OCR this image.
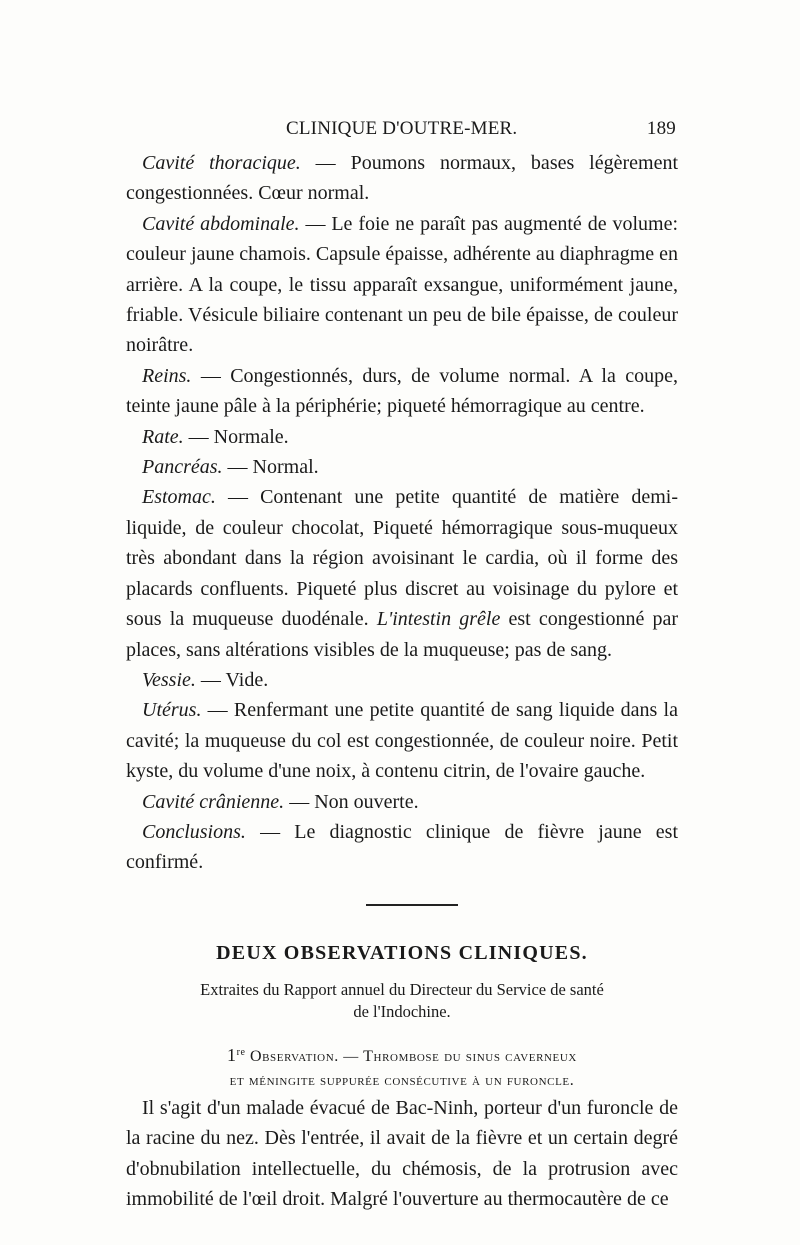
CLINIQUE D'OUTRE-MER.	189

Cavité thoracique. — Poumons normaux, bases légèrement congestionnées. Cœur normal.

Cavité abdominale. — Le foie ne paraît pas augmenté de volume: couleur jaune chamois. Capsule épaisse, adhérente au diaphragme en arrière. A la coupe, le tissu apparaît exsangue, uniformément jaune, friable. Vésicule biliaire contenant un peu de bile épaisse, de couleur noirâtre.

Reins. — Congestionnés, durs, de volume normal. A la coupe, teinte jaune pâle à la périphérie; piqueté hémorragique au centre.

Rate. — Normale.

Pancréas. — Normal.

Estomac. — Contenant une petite quantité de matière demi-liquide, de couleur chocolat, Piqueté hémorragique sous-muqueux très abondant dans la région avoisinant le cardia, où il forme des placards confluents. Piqueté plus discret au voisinage du pylore et sous la muqueuse duodénale. L'intestin grêle est congestionné par places, sans altérations visibles de la muqueuse; pas de sang.

Vessie. — Vide.

Utérus. — Renfermant une petite quantité de sang liquide dans la cavité; la muqueuse du col est congestionnée, de couleur noire. Petit kyste, du volume d'une noix, à contenu citrin, de l'ovaire gauche.

Cavité crânienne. — Non ouverte.

Conclusions. — Le diagnostic clinique de fièvre jaune est confirmé.

DEUX OBSERVATIONS CLINIQUES.
Extraites du Rapport annuel du Directeur du Service de santé
de l'Indochine.
1re Observation. — Thrombose du sinus caverneux
et méningite suppurée consécutive à un furoncle.

Il s'agit d'un malade évacué de Bac-Ninh, porteur d'un furoncle de la racine du nez. Dès l'entrée, il avait de la fièvre et un certain degré d'obnubilation intellectuelle, du chémosis, de la protrusion avec immobilité de l'œil droit. Malgré l'ouverture au thermocautère de ce
